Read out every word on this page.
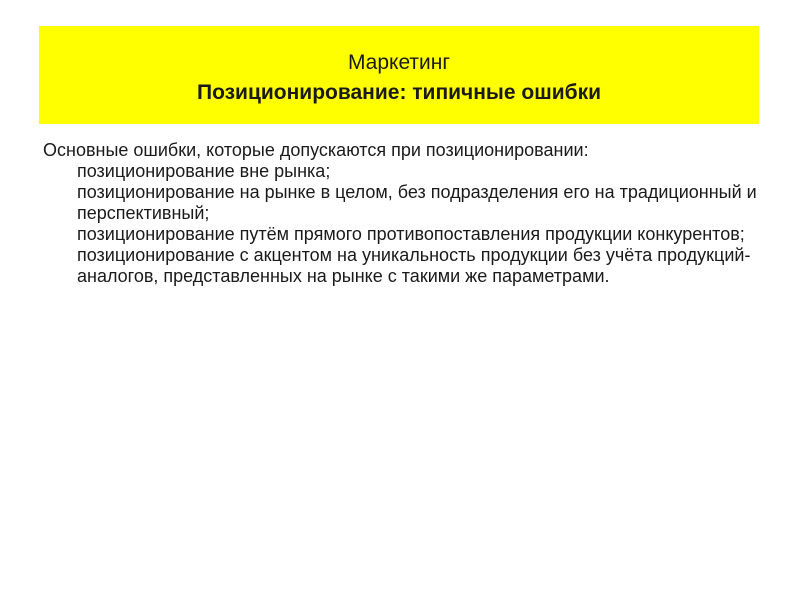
Маркетинг
Позиционирование: типичные ошибки

Основные ошибки, которые допускаются при позиционировании:

позиционирование вне рынка;
позиционирование на рынке в целом, без подразделения его на традиционный и перспективный;
позиционирование путём прямого противопоставления продукции конкурентов;
позиционирование с акцентом на уникальность продукции без учёта продукций-аналогов, представленных на рынке с такими же параметрами.
